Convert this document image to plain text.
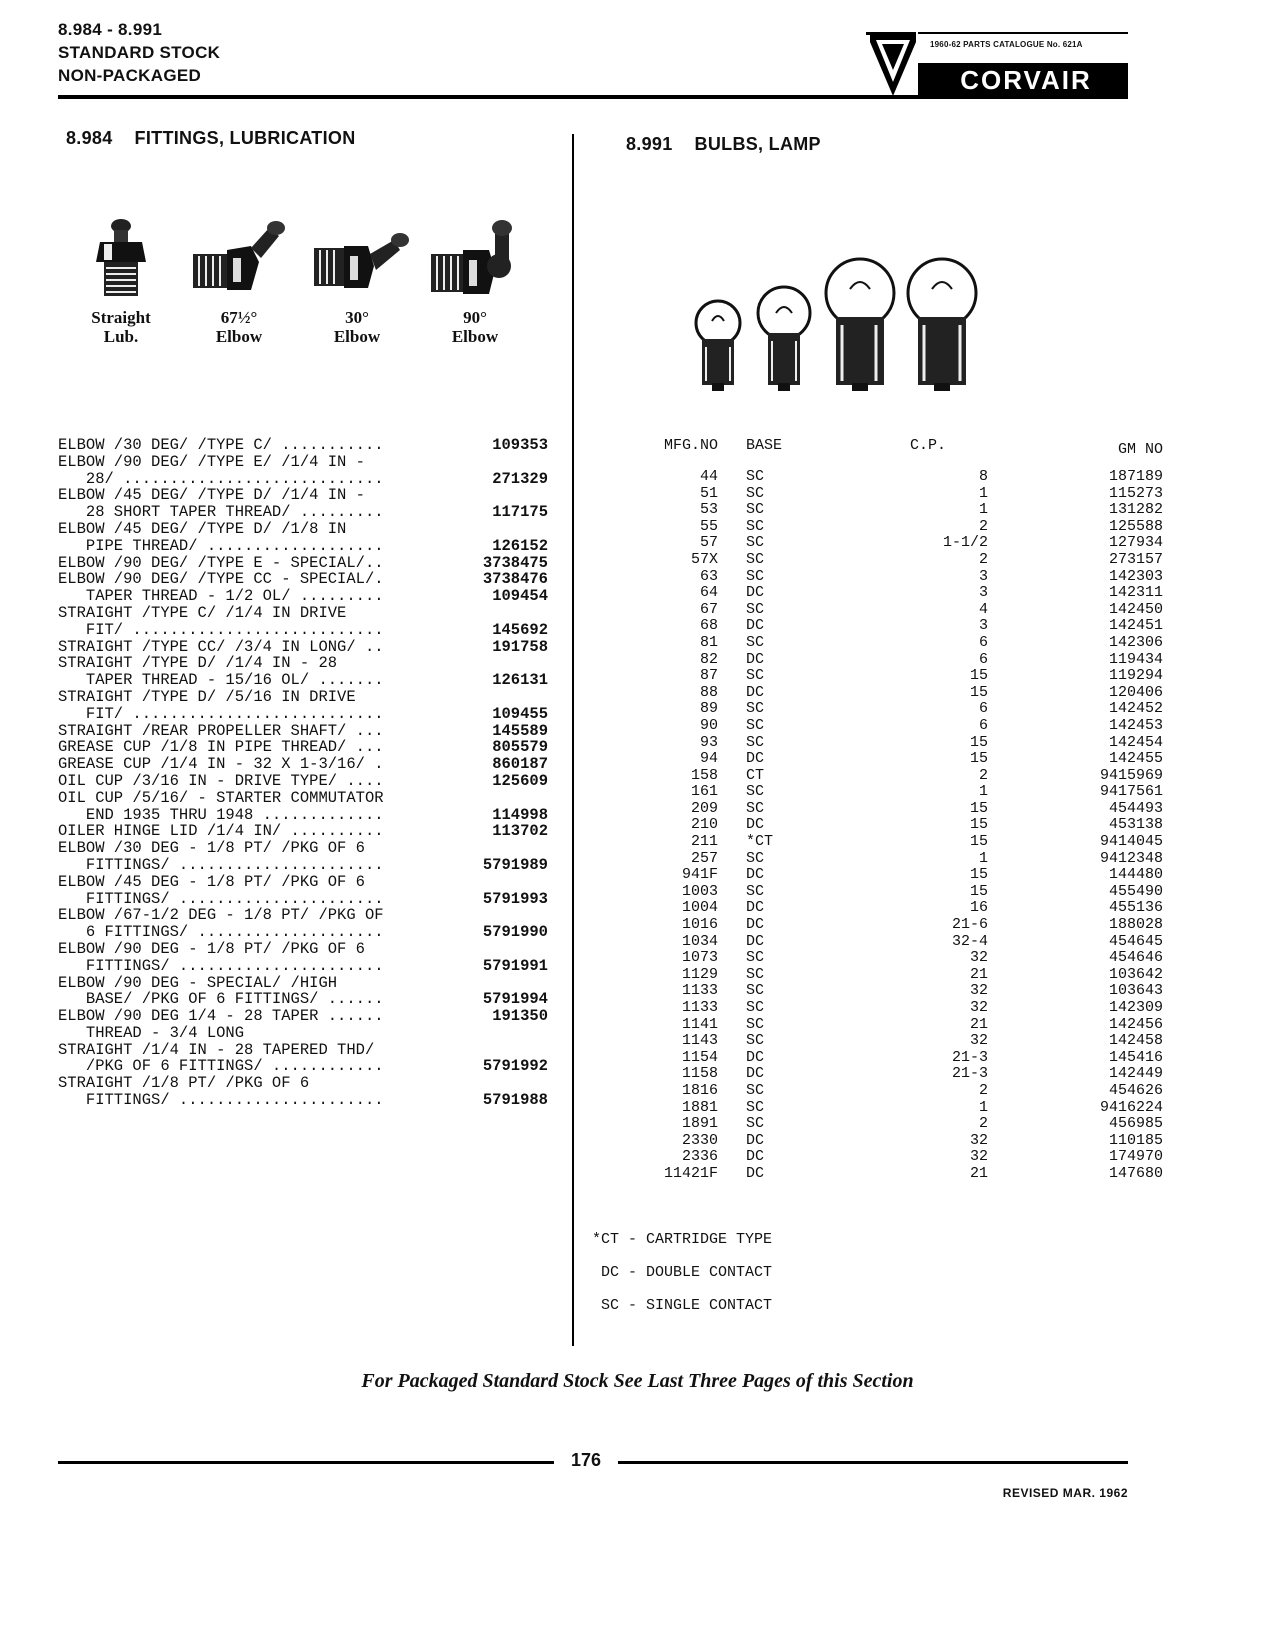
8.984 - 8.991
STANDARD STOCK
NON-PACKAGED
1960-62 PARTS CATALOGUE No. 621A
CORVAIR
8.984 FITTINGS, LUBRICATION
Straight
Lub.
67½°
Elbow
30°
Elbow
90°
Elbow
ELBOW /30 DEG/ /TYPE C/ ...........	109353
ELBOW /90 DEG/ /TYPE E/ /1/4 IN -
28/ ............................	271329
ELBOW /45 DEG/ /TYPE D/ /1/4 IN -
28 SHORT TAPER THREAD/ .........	117175
ELBOW /45 DEG/ /TYPE D/ /1/8 IN
PIPE THREAD/ ...................	126152
ELBOW /90 DEG/ /TYPE E - SPECIAL/..	3738475
ELBOW /90 DEG/ /TYPE CC - SPECIAL/.	3738476
TAPER THREAD - 1/2 OL/ .........	109454
STRAIGHT /TYPE C/ /1/4 IN DRIVE
FIT/ ...........................	145692
STRAIGHT /TYPE CC/ /3/4 IN LONG/ ..	191758
STRAIGHT /TYPE D/ /1/4 IN - 28
TAPER THREAD - 15/16 OL/ .......	126131
STRAIGHT /TYPE D/ /5/16 IN DRIVE
FIT/ ...........................	109455
STRAIGHT /REAR PROPELLER SHAFT/ ...	145589
GREASE CUP /1/8 IN PIPE THREAD/ ...	805579
GREASE CUP /1/4 IN - 32 X 1-3/16/ .	860187
OIL CUP /3/16 IN - DRIVE TYPE/ ....	125609
OIL CUP /5/16/ - STARTER COMMUTATOR
END 1935 THRU 1948 .............	114998
OILER HINGE LID /1/4 IN/ ..........	113702
ELBOW /30 DEG - 1/8 PT/ /PKG OF 6
FITTINGS/ ......................	5791989
ELBOW /45 DEG - 1/8 PT/ /PKG OF 6
FITTINGS/ ......................	5791993
ELBOW /67-1/2 DEG - 1/8 PT/ /PKG OF
6 FITTINGS/ ....................	5791990
ELBOW /90 DEG - 1/8 PT/ /PKG OF 6
FITTINGS/ ......................	5791991
ELBOW /90 DEG - SPECIAL/ /HIGH
BASE/ /PKG OF 6 FITTINGS/ ......	5791994
ELBOW /90 DEG 1/4 - 28 TAPER ......	191350
THREAD - 3/4 LONG
STRAIGHT /1/4 IN - 28 TAPERED THD/
/PKG OF 6 FITTINGS/ ............	5791992
STRAIGHT /1/8 PT/ /PKG OF 6
FITTINGS/ ......................	5791988
8.991 BULBS, LAMP
MFG.NO	BASE	C.P.	GM NO
44	SC	8	187189
51	SC	1	115273
53	SC	1	131282
55	SC	2	125588
57	SC	1-1/2	127934
57X	SC	2	273157
63	SC	3	142303
64	DC	3	142311
67	SC	4	142450
68	DC	3	142451
81	SC	6	142306
82	DC	6	119434
87	SC	15	119294
88	DC	15	120406
89	SC	6	142452
90	SC	6	142453
93	SC	15	142454
94	DC	15	142455
158	CT	2	9415969
161	SC	1	9417561
209	SC	15	454493
210	DC	15	453138
211	*CT	15	9414045
257	SC	1	9412348
941F	DC	15	144480
1003	SC	15	455490
1004	DC	16	455136
1016	DC	21-6	188028
1034	DC	32-4	454645
1073	SC	32	454646
1129	SC	21	103642
1133	SC	32	103643
1133	SC	32	142309
1141	SC	21	142456
1143	SC	32	142458
1154	DC	21-3	145416
1158	DC	21-3	142449
1816	SC	2	454626
1881	SC	1	9416224
1891	SC	2	456985
2330	DC	32	110185
2336	DC	32	174970
11421F	DC	21	147680
*CT - CARTRIDGE TYPE
DC - DOUBLE CONTACT
SC - SINGLE CONTACT
For Packaged Standard Stock See Last Three Pages of this Section
176
REVISED MAR. 1962
